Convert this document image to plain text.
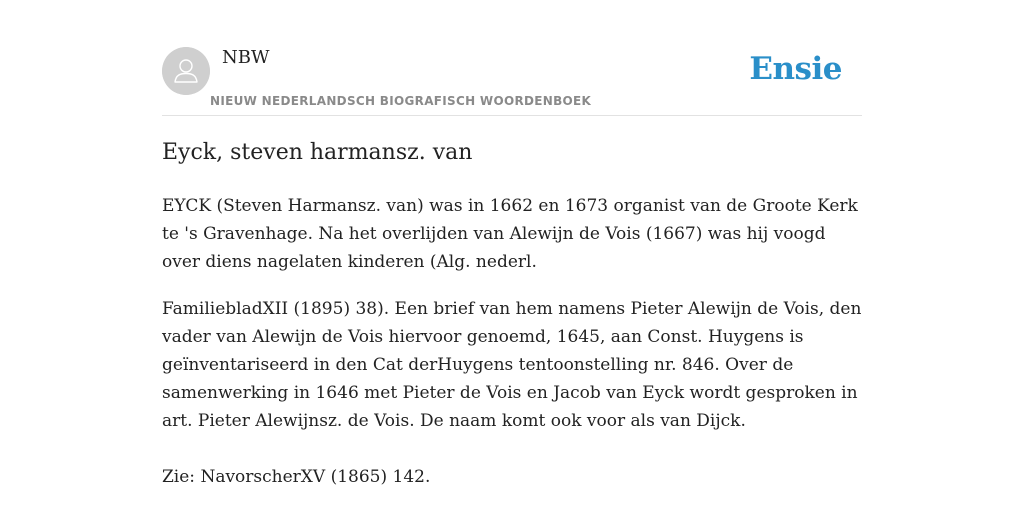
NBW
NIEUW NEDERLANDSCH BIOGRAFISCH WOORDENBOEK
Ensie
Eyck, steven harmansz. van

EYCK (Steven Harmansz. van) was in 1662 en 1673 organist van de Groote Kerk te 's Gravenhage. Na het overlijden van Alewijn de Vois (1667) was hij voogd over diens nagelaten kinderen (Alg. nederl.

FamiliebladXII (1895) 38). Een brief van hem namens Pieter Alewijn de Vois, den vader van Alewijn de Vois hiervoor genoemd, 1645, aan Const. Huygens is geïnventariseerd in den Cat derHuygens tentoonstelling nr. 846. Over de samenwerking in 1646 met Pieter de Vois en Jacob van Eyck wordt gesproken in art. Pieter Alewijnsz. de Vois. De naam komt ook voor als van Dijck.

Zie: NavorscherXV (1865) 142.
